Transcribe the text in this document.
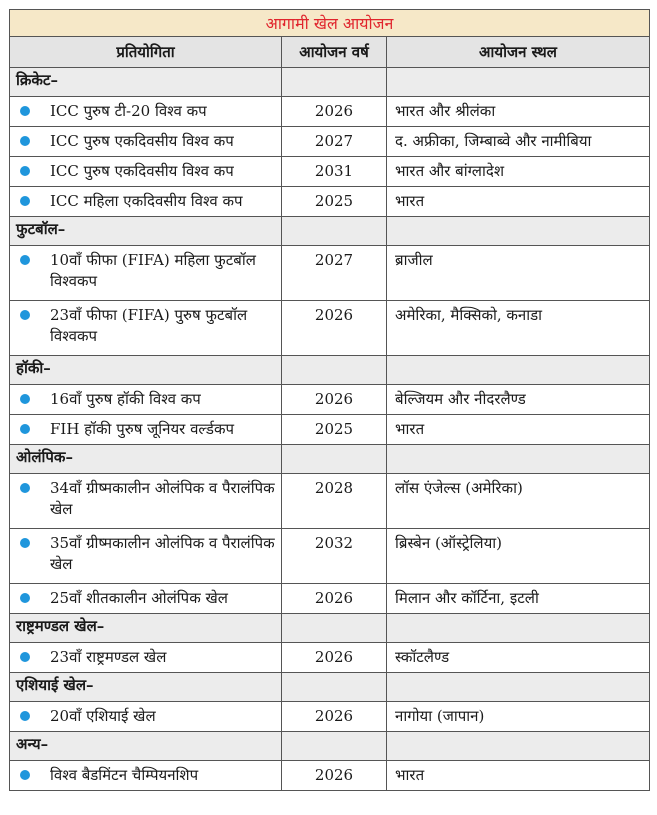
आगामी खेल आयोजन		
प्रतियोगिता	आयोजन वर्ष	आयोजन स्थल
क्रिकेट–		

ICC पुरुष टी-20 विश्व कप	2026	भारत और श्रीलंका

ICC पुरुष एकदिवसीय विश्व कप	2027	द. अफ्रीका, जिम्बाब्वे और नामीबिया

ICC पुरुष एकदिवसीय विश्व कप	2031	भारत और बांग्लादेश

ICC महिला एकदिवसीय विश्व कप	2025	भारत
फुटबॉल–		

10वाँ फीफा (FIFA) महिला फुटबॉल विश्वकप	2027	ब्राजील

23वाँ फीफा (FIFA) पुरुष फुटबॉल विश्वकप	2026	अमेरिका, मैक्सिको, कनाडा
हॉकी–		

16वाँ पुरुष हॉकी विश्व कप	2026	बेल्जियम और नीदरलैण्ड

FIH हॉकी पुरुष जूनियर वर्ल्डकप	2025	भारत
ओलंपिक–		

34वाँ ग्रीष्मकालीन ओलंपिक व पैरालंपिक खेल	2028	लॉस एंजेल्स (अमेरिका)

35वाँ ग्रीष्मकालीन ओलंपिक व पैरालंपिक खेल	2032	ब्रिस्बेन (ऑस्ट्रेलिया)

25वाँ शीतकालीन ओलंपिक खेल	2026	मिलान और कॉर्टिना, इटली
राष्ट्रमण्डल खेल–		

23वाँ राष्ट्रमण्डल खेल	2026	स्कॉटलैण्ड
एशियाई खेल–		

20वाँ एशियाई खेल	2026	नागोया (जापान)
अन्य–		

विश्व बैडमिंटन चैम्पियनशिप	2026	भारत
